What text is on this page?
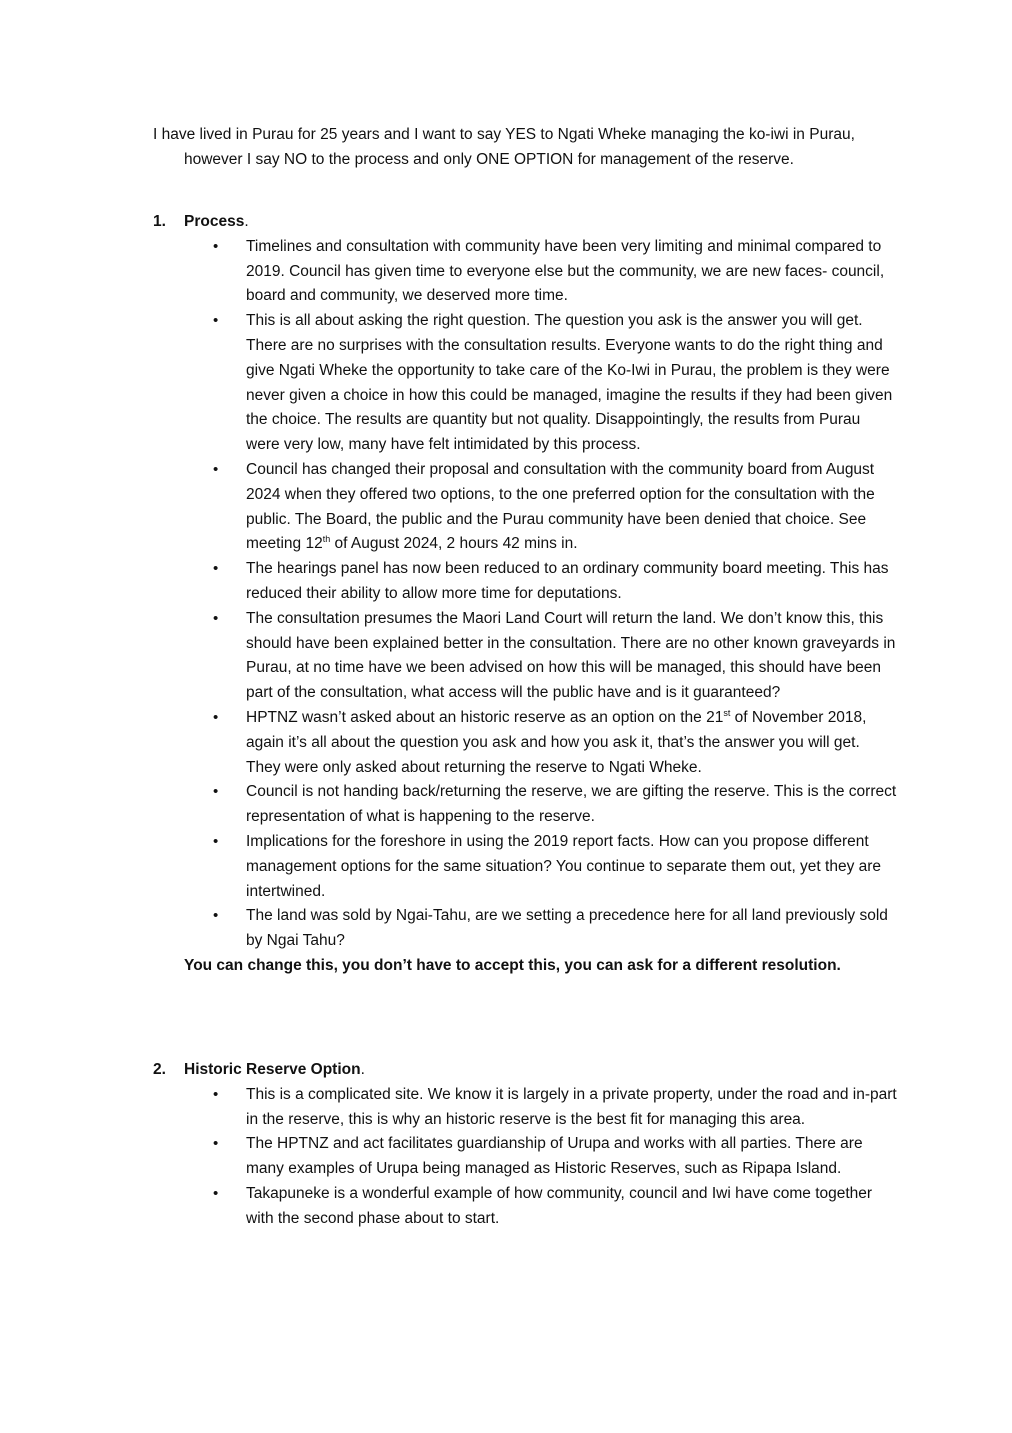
I have lived in Purau for 25 years and I want to say YES to Ngati Wheke managing the ko-iwi in Purau, however I say NO to the process and only ONE OPTION for management of the reserve.

1.	Process.
• Timelines and consultation with community have been very limiting and minimal compared to 2019. Council has given time to everyone else but the community, we are new faces- council, board and community, we deserved more time.
• This is all about asking the right question. The question you ask is the answer you will get. There are no surprises with the consultation results. Everyone wants to do the right thing and give Ngati Wheke the opportunity to take care of the Ko-Iwi in Purau, the problem is they were never given a choice in how this could be managed, imagine the results if they had been given the choice. The results are quantity but not quality. Disappointingly, the results from Purau were very low, many have felt intimidated by this process.
• Council has changed their proposal and consultation with the community board from August 2024 when they offered two options, to the one preferred option for the consultation with the public. The Board, the public and the Purau community have been denied that choice. See meeting 12th of August 2024, 2 hours 42 mins in.
• The hearings panel has now been reduced to an ordinary community board meeting. This has reduced their ability to allow more time for deputations.
• The consultation presumes the Maori Land Court will return the land. We don’t know this, this should have been explained better in the consultation. There are no other known graveyards in Purau, at no time have we been advised on how this will be managed, this should have been part of the consultation, what access will the public have and is it guaranteed?
• HPTNZ wasn’t asked about an historic reserve as an option on the 21st of November 2018, again it’s all about the question you ask and how you ask it, that’s the answer you will get. They were only asked about returning the reserve to Ngati Wheke.
• Council is not handing back/returning the reserve, we are gifting the reserve. This is the correct representation of what is happening to the reserve.
• Implications for the foreshore in using the 2019 report facts. How can you propose different management options for the same situation? You continue to separate them out, yet they are intertwined.
• The land was sold by Ngai-Tahu, are we setting a precedence here for all land previously sold by Ngai Tahu?

You can change this, you don’t have to accept this, you can ask for a different resolution.

2.	Historic Reserve Option.
• This is a complicated site. We know it is largely in a private property, under the road and in-part in the reserve, this is why an historic reserve is the best fit for managing this area.
• The HPTNZ and act facilitates guardianship of Urupa and works with all parties. There are many examples of Urupa being managed as Historic Reserves, such as Ripapa Island.
• Takapuneke is a wonderful example of how community, council and Iwi have come together with the second phase about to start.
